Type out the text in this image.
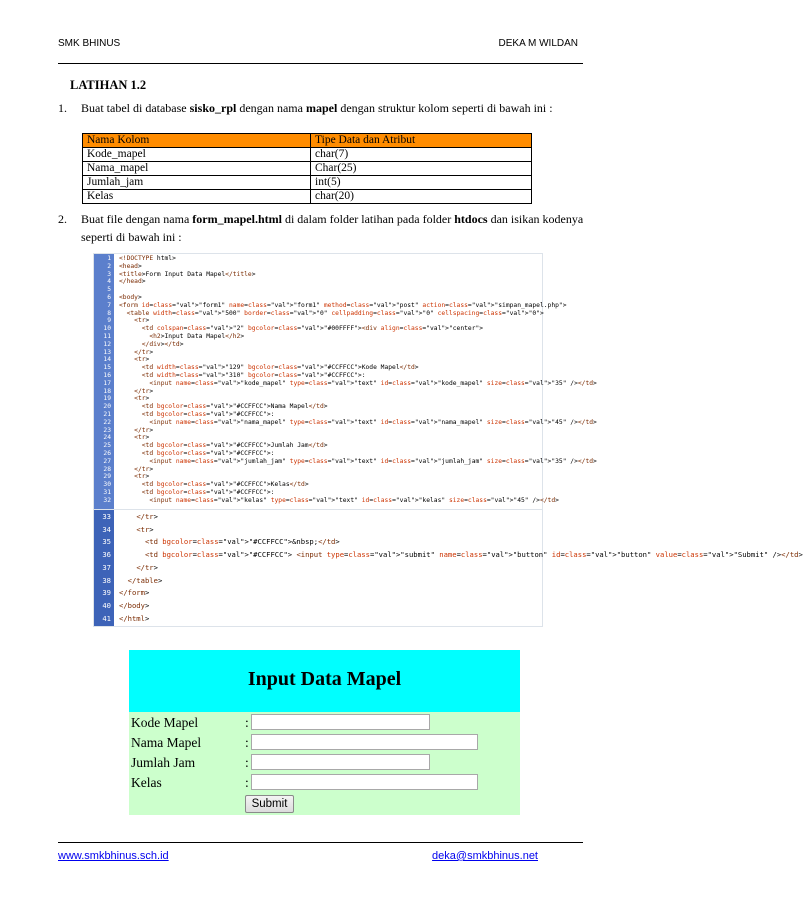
SMK BHINUS	DEKA M WILDAN
LATIHAN 1.2
1.	Buat tabel di database sisko_rpl dengan nama mapel dengan struktur kolom seperti di bawah ini :
Nama Kolom	Tipe Data dan Atribut
Kode_mapel	char(7)
Nama_mapel	Char(25)
Jumlah_jam	int(5)
Kelas	char(20)
2.	Buat file dengan nama form_mapel.html di dalam folder latihan pada folder htdocs dan isikan kodenya seperti di bawah ini :
1 <!DOCTYPE html>
2 <head>
3 <title>Form Input Data Mapel</title>
4 </head>
5
6 <body>
7 <form id=class="val">"form1" name=class="val">"form1" method=class="val">"post" action=class="val">"simpan_mapel.php">
8	<table width=class="val">"500" border=class="val">"0" cellpadding=class="val">"0" cellspacing=class="val">"0">
9	<tr>
10	<td colspan=class="val">"2" bgcolor=class="val">"#00FFFF"><div align=class="val">"center">
11	<h2>Input Data Mapel</h2>
12	</div></td>
13	</tr>
14	<tr>
15	<td width=class="val">"129" bgcolor=class="val">"#CCFFCC">Kode Mapel</td>
16	<td width=class="val">"310" bgcolor=class="val">"#CCFFCC">:
17	<input name=class="val">"kode_mapel" type=class="val">"text" id=class="val">"kode_mapel" size=class="val">"35" /></td>
18	</tr>
19	<tr>
20	<td bgcolor=class="val">"#CCFFCC">Nama Mapel</td>
21	<td bgcolor=class="val">"#CCFFCC">:
22	<input name=class="val">"nama_mapel" type=class="val">"text" id=class="val">"nama_mapel" size=class="val">"45" /></td>
23	</tr>
24	<tr>
25	<td bgcolor=class="val">"#CCFFCC">Jumlah Jam</td>
26	<td bgcolor=class="val">"#CCFFCC">:
27	<input name=class="val">"jumlah_jam" type=class="val">"text" id=class="val">"jumlah_jam" size=class="val">"35" /></td>
28	</tr>
29	<tr>
30	<td bgcolor=class="val">"#CCFFCC">Kelas</td>
31	<td bgcolor=class="val">"#CCFFCC">:
32	<input name=class="val">"kelas" type=class="val">"text" id=class="val">"kelas" size=class="val">"45" /></td>
33	</tr>
34	<tr>
35	<td bgcolor=class="val">"#CCFFCC">&nbsp;</td>
36	<td bgcolor=class="val">"#CCFFCC"> <input type=class="val">"submit" name=class="val">"button" id=class="val">"button" value=class="val">"Submit" /></td>
37	</tr>
38	</table>
39 </form>
40 </body>
41 </html>
Input Data Mapel
Kode Mapel	:
Nama Mapel	:
Jumlah Jam	:
Kelas	:
Submit
www.smkbhinus.sch.id	deka@smkbhinus.net
